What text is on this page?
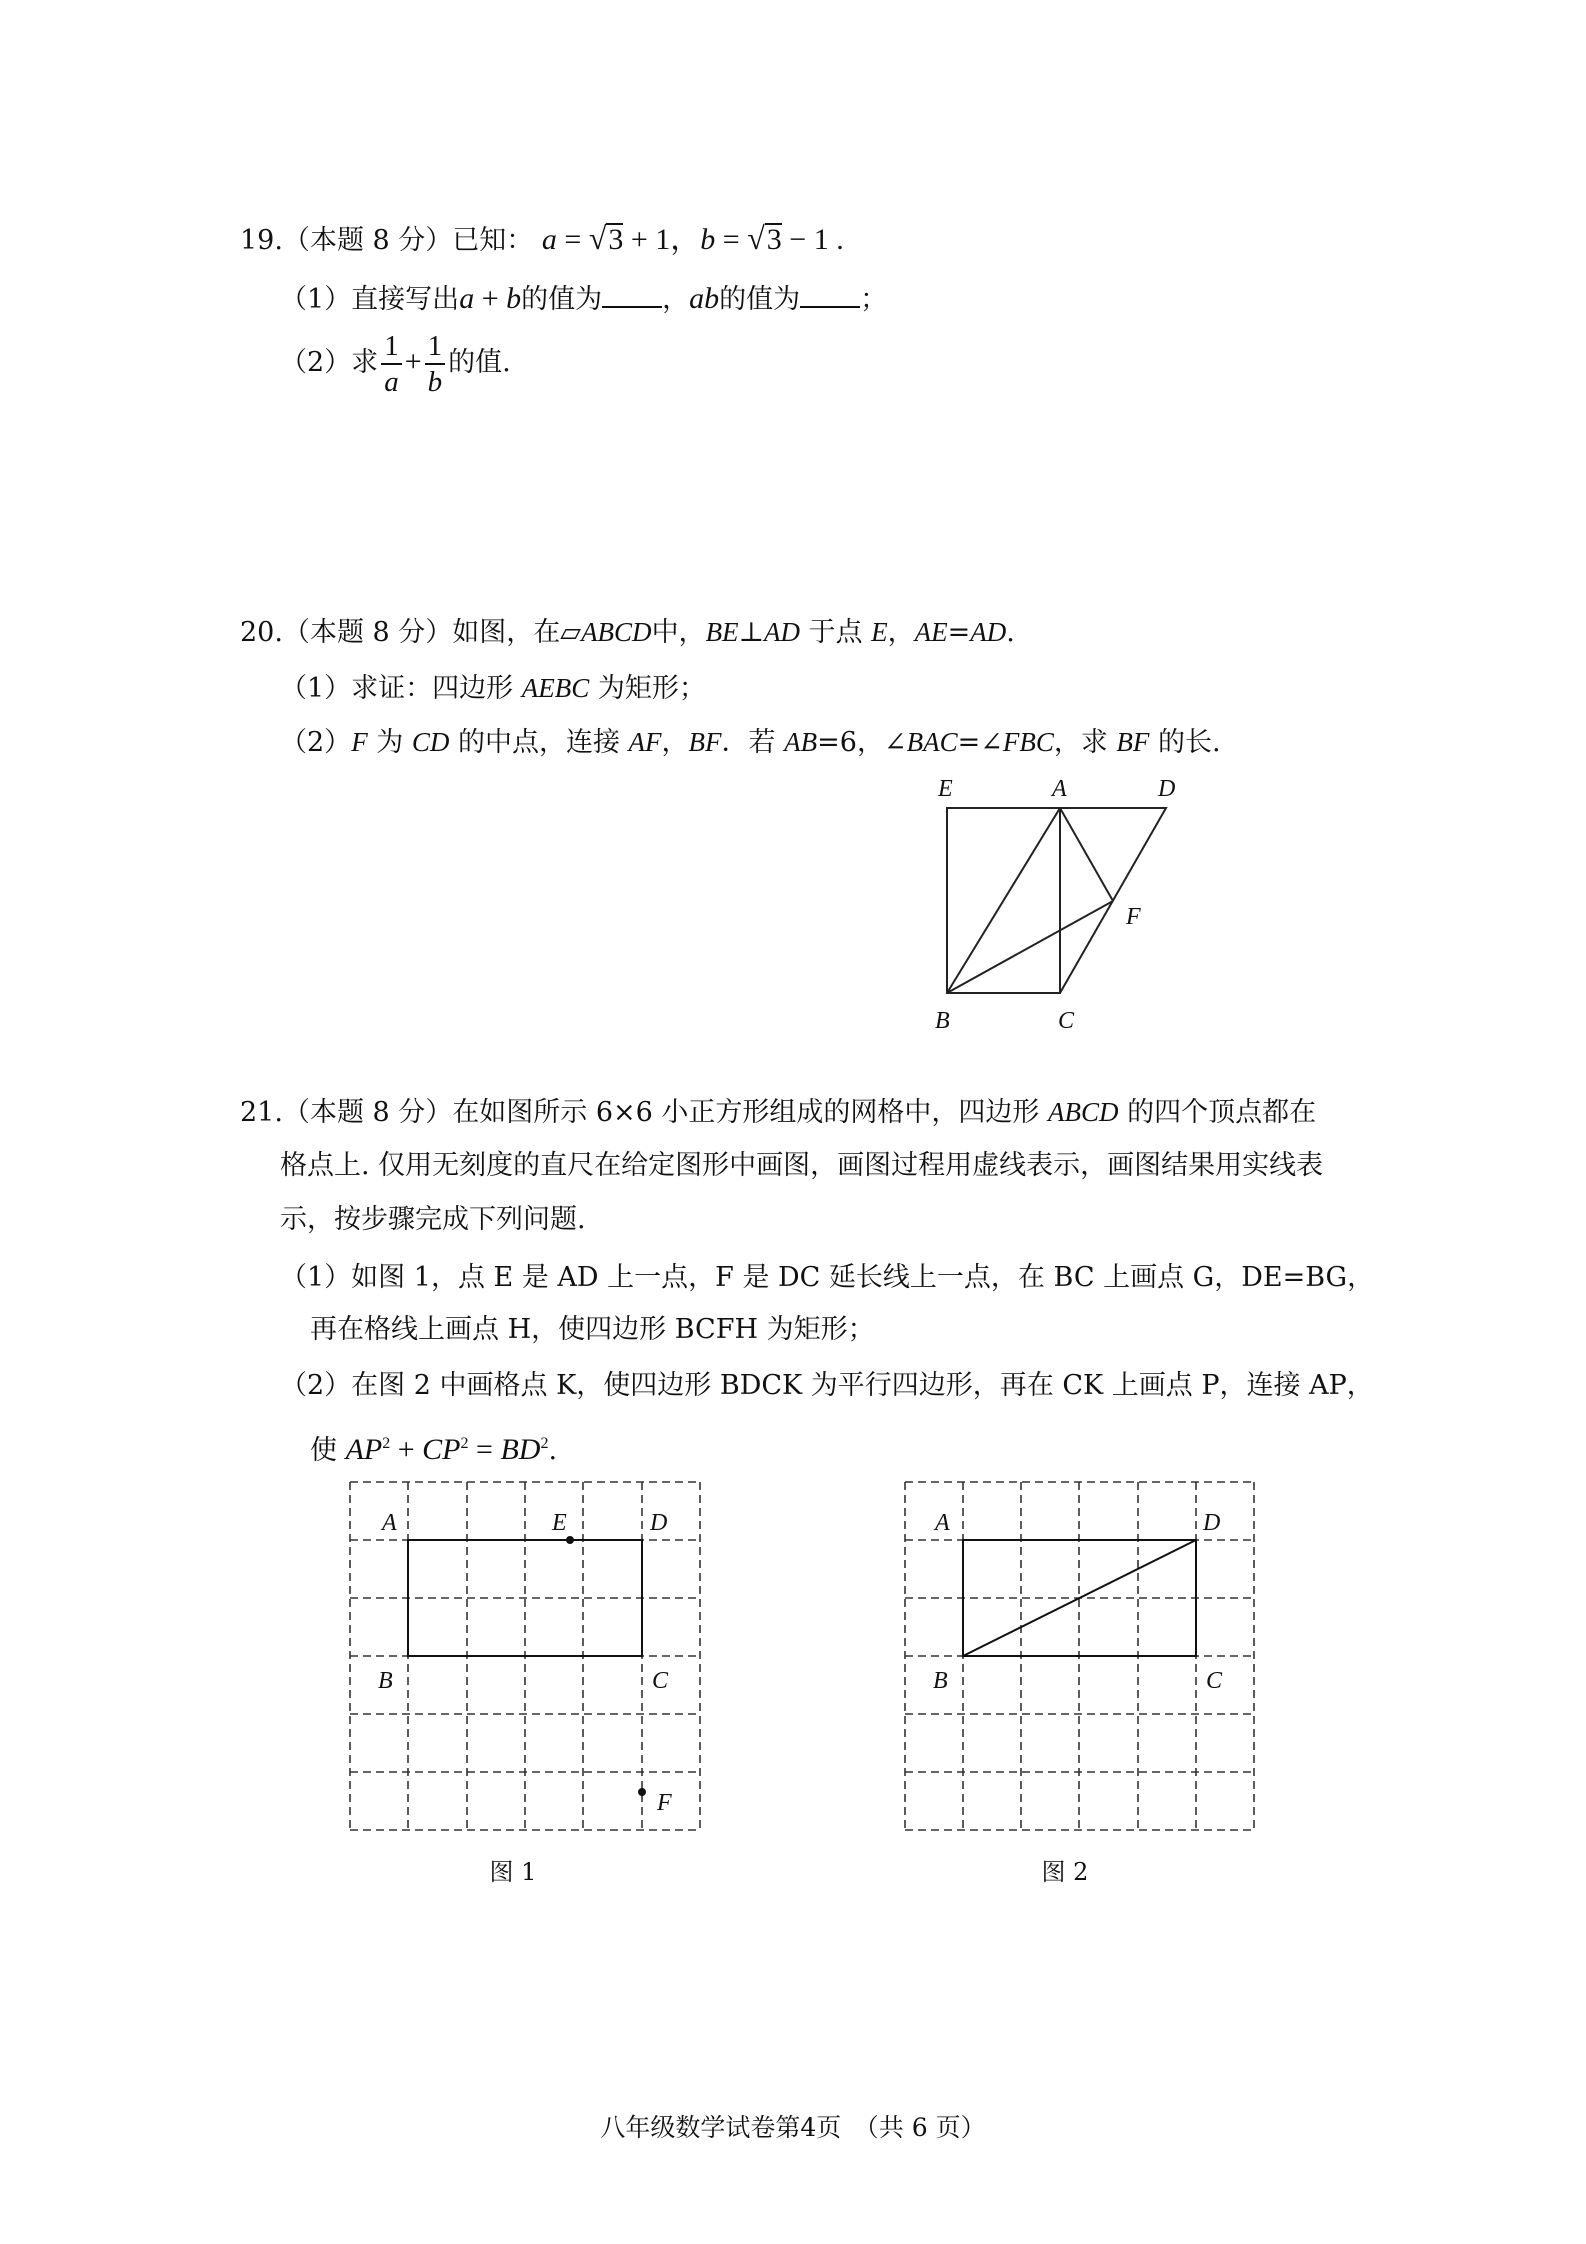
19.（本题 8 分）已知： a = √3 + 1，b = √3 − 1 .
（1）直接写出a + b的值为 ，ab的值为 ；
（2）求 $\frac{1}{a} + \frac{1}{b}$ 的值.
20.（本题 8 分）如图，在▱ABCD中，BE⊥AD 于点 E，AE=AD.
（1）求证：四边形 AEBC 为矩形；
（2）F 为 CD 的中点，连接 AF，BF．若 AB=6，∠BAC=∠FBC，求 BF 的长.
E	A	D
F
B	C
A	E	D
B	C
F
A	D
B	C
21.（本题 8 分）在如图所示 6×6 小正方形组成的网格中，四边形 ABCD 的四个顶点都在
格点上. 仅用无刻度的直尺在给定图形中画图，画图过程用虚线表示，画图结果用实线表
示，按步骤完成下列问题.
（1）如图 1，点 E 是 AD 上一点，F 是 DC 延长线上一点，在 BC 上画点 G，DE=BG，
再在格线上画点 H，使四边形 BCFH 为矩形；
（2）在图 2 中画格点 K，使四边形 BDCK 为平行四边形，再在 CK 上画点 P，连接 AP，
使 $AP^2 + CP^2 = BD^2$.
图 1	图 2
八年级数学试卷第4页　（共 6 页）
